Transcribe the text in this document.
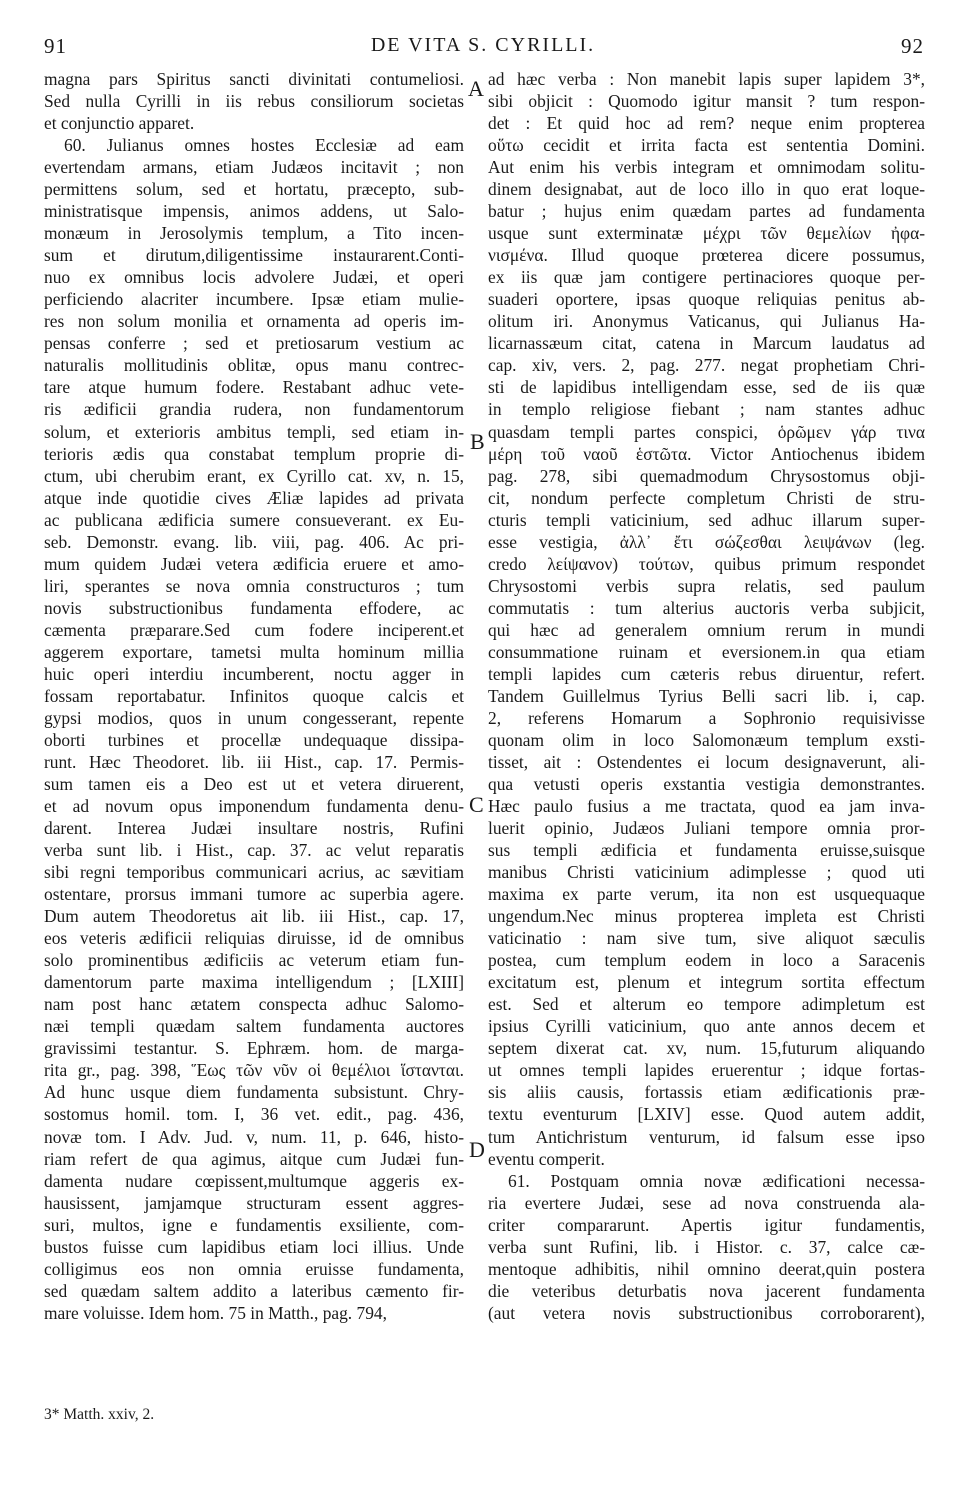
91	DE VITA S. CYRILLI.	92
magna pars Spiritus sancti divinitati contumeliosi.
Sed nulla Cyrilli in iis rebus consiliorum societas
et conjunctio apparet.
60. Julianus omnes hostes Ecclesiæ ad eam
evertendam armans, etiam Judæos incitavit ; non
permittens solum, sed et hortatu, præcepto, sub-
ministratisque impensis, animos addens, ut Salo-
monæum in Jerosolymis templum, a Tito incen-
sum et dirutum,diligentissime instaurarent.Conti-
nuo ex omnibus locis advolere Judæi, et operi
perficiendo alacriter incumbere. Ipsæ etiam mulie-
res non solum monilia et ornamenta ad operis im-
pensas conferre ; sed et pretiosarum vestium ac
naturalis mollitudinis oblitæ, opus manu contrec-
tare atque humum fodere. Restabant adhuc vete-
ris ædificii grandia rudera, non fundamentorum
solum, et exterioris ambitus templi, sed etiam in-
terioris ædis qua constabat templum proprie di-
ctum, ubi cherubim erant, ex Cyrillo cat. xv, n. 15,
atque inde quotidie cives Æliæ lapides ad privata
ac publicana ædificia sumere consueverant. ex Eu-
seb. Demonstr. evang. lib. viii, pag. 406. Ac pri-
mum quidem Judæi vetera ædificia eruere et amo-
liri, sperantes se nova omnia constructuros ; tum
novis substructionibus fundamenta effodere, ac
cæmenta præparare.Sed cum fodere inciperent.et
aggerem exportare, tametsi multa hominum millia
huic operi interdiu incumberent, noctu agger in
fossam reportabatur. Infinitos quoque calcis et
gypsi modios, quos in unum congesserant, repente
oborti turbines et procellæ undequaque dissipa-
runt. Hæc Theodoret. lib. iii Hist., cap. 17. Permis-
sum tamen eis a Deo est ut et vetera diruerent,
et ad novum opus imponendum fundamenta denu-
darent. Interea Judæi insultare nostris, Rufini
verba sunt lib. i Hist., cap. 37. ac velut reparatis
sibi regni temporibus communicari acrius, ac sævitiam
ostentare, prorsus immani tumore ac superbia agere.
Dum autem Theodoretus ait lib. iii Hist., cap. 17,
eos veteris ædificii reliquias diruisse, id de omnibus
solo prominentibus ædificiis ac veterum etiam fun-
damentorum parte maxima intelligendum ; [LXIII]
nam post hanc ætatem conspecta adhuc Salomo-
næi templi quædam saltem fundamenta auctores
gravissimi testantur. S. Ephræm. hom. de marga-
rita gr., pag. 398, Ἕως τῶν νῦν οἱ θεμέλιοι ἵστανται.
Ad hunc usque diem fundamenta subsistunt. Chry-
sostomus homil. tom. I, 36 vet. edit., pag. 436,
novæ tom. I Adv. Jud. v, num. 11, p. 646, histo-
riam refert de qua agimus, aitque cum Judæi fun-
damenta nudare cœpissent,multumque aggeris ex-
hausissent, jamjamque structuram essent aggres-
suri, multos, igne e fundamentis exsiliente, com-
bustos fuisse cum lapidibus etiam loci illius. Unde
colligimus eos non omnia eruisse fundamenta,
sed quædam saltem addito a lateribus cæmento fir-
mare voluisse. Idem hom. 75 in Matth., pag. 794,
ad hæc verba : Non manebit lapis super lapidem 3*,
sibi objicit : Quomodo igitur mansit ? tum respon-
det : Et quid hoc ad rem? neque enim propterea
οὕτω cecidit et irrita facta est sententia Domini.
Aut enim his verbis integram et omnimodam solitu-
dinem designabat, aut de loco illo in quo erat loque-
batur ; hujus enim quædam partes ad fundamenta
usque sunt exterminatæ μέχρι τῶν θεμελίων ἠφα-
νισμένα. Illud quoque prœterea dicere possumus,
ex iis quæ jam contigere pertinaciores quoque per-
suaderi oportere, ipsas quoque reliquias penitus ab-
olitum iri. Anonymus Vaticanus, qui Julianus Ha-
licarnassæum citat, catena in Marcum laudatus ad
cap. xiv, vers. 2, pag. 277. negat prophetiam Chri-
sti de lapidibus intelligendam esse, sed de iis quæ
in templo religiose fiebant ; nam stantes adhuc
quasdam templi partes conspici, ὁρῶμεν γάρ τινα
μέρη τοῦ ναοῦ ἑστῶτα. Victor Antiochenus ibidem
pag. 278, sibi quemadmodum Chrysostomus obji-
cit, nondum perfecte completum Christi de stru-
cturis templi vaticinium, sed adhuc illarum super-
esse vestigia, ἀλλ᾽ ἔτι σώζεσθαι λειψάνων (leg.
credo λείψανον) τούτων, quibus primum respondet
Chrysostomi verbis supra relatis, sed paulum
commutatis : tum alterius auctoris verba subjicit,
qui hæc ad generalem omnium rerum in mundi
consummatione ruinam et eversionem.in qua etiam
templi lapides cum cæteris rebus diruentur, refert.
Tandem Guillelmus Tyrius Belli sacri lib. i, cap.
2, referens Homarum a Sophronio requisivisse
quonam olim in loco Salomonæum templum exsti-
tisset, ait : Ostendentes ei locum designaverunt, ali-
qua vetusti operis exstantia vestigia demonstrantes.
Hæc paulo fusius a me tractata, quod ea jam inva-
luerit opinio, Judæos Juliani tempore omnia pror-
sus templi ædificia et fundamenta eruisse,suisque
manibus Christi vaticinium adimplesse ; quod uti
maxima ex parte verum, ita non est usquequaque
ungendum.Nec minus propterea impleta est Christi
vaticinatio : nam sive tum, sive aliquot sæculis
postea, cum templum eodem in loco a Saracenis
excitatum est, plenum et integrum sortita effectum
est. Sed et alterum eo tempore adimpletum est
ipsius Cyrilli vaticinium, quo ante annos decem et
septem dixerat cat. xv, num. 15,futurum aliquando
ut omnes templi lapides eruerentur ; idque fortas-
sis aliis causis, fortassis etiam ædificationis præ-
textu eventurum [LXIV] esse. Quod autem addit,
tum Antichristum venturum, id falsum esse ipso
eventu comperit.
61. Postquam omnia novæ ædificationi necessa-
ria evertere Judæi, sese ad nova construenda ala-
criter compararunt. Apertis igitur fundamentis,
verba sunt Rufini, lib. i Histor. c. 37, calce cæ-
mentoque adhibitis, nihil omnino deerat,quin postera
die veteribus deturbatis nova jacerent fundamenta
(aut vetera novis substructionibus corroborarent),
A
B
C
D
3* Matth. xxiv, 2.
